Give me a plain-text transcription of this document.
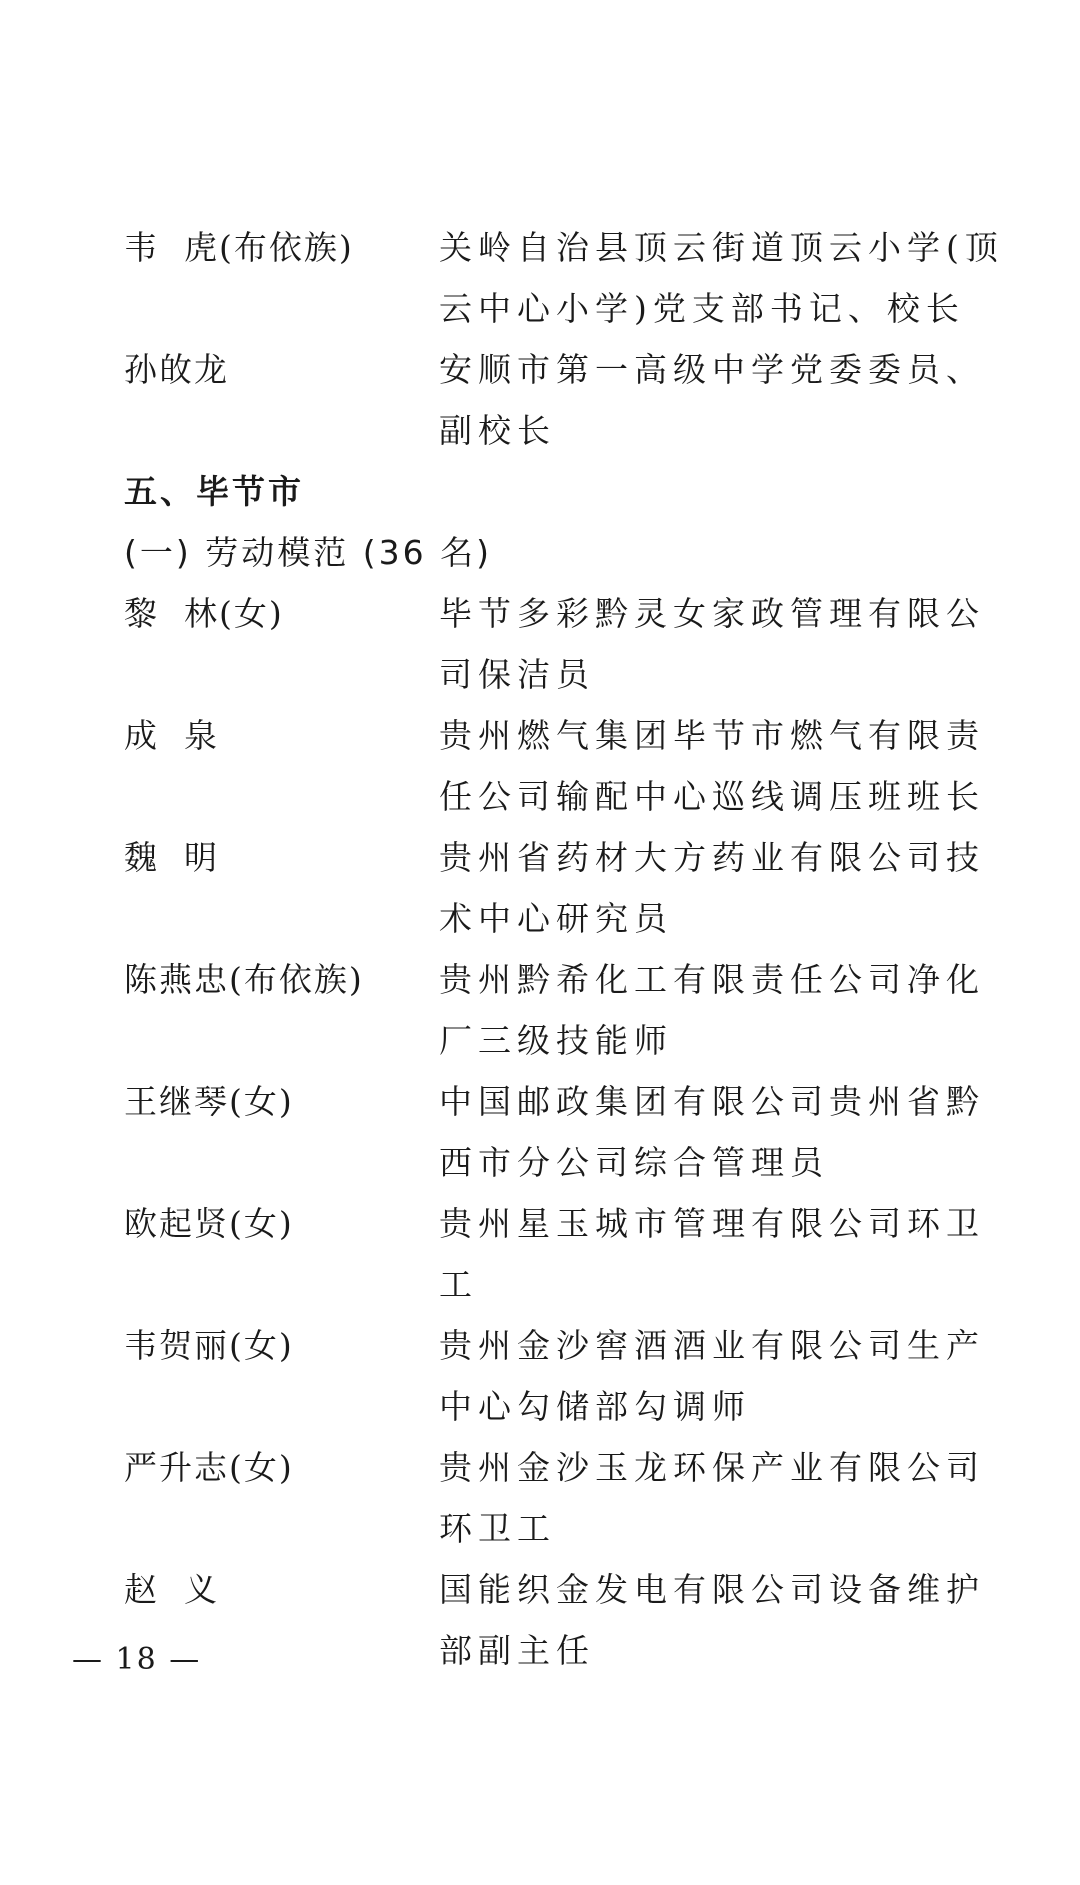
韦  虎(布依族)	关岭自治县顶云街道顶云小学(顶云中心小学)党支部书记、校长
孙敀龙	安顺市第一高级中学党委委员、副校长
五、毕节市
(一) 劳动模范 (36 名)
黎  林(女)	毕节多彩黔灵女家政管理有限公司保洁员
成  泉	贵州燃气集团毕节市燃气有限责任公司输配中心巡线调压班班长
魏  明	贵州省药材大方药业有限公司技术中心研究员
陈燕忠(布依族)	贵州黔希化工有限责任公司净化厂三级技能师
王继琴(女)	中国邮政集团有限公司贵州省黔西市分公司综合管理员
欧起贤(女)	贵州星玉城市管理有限公司环卫工
韦贺丽(女)	贵州金沙窖酒酒业有限公司生产中心勾储部勾调师
严升志(女)	贵州金沙玉龙环保产业有限公司环卫工
赵  义	国能织金发电有限公司设备维护部副主任
— 18 —
